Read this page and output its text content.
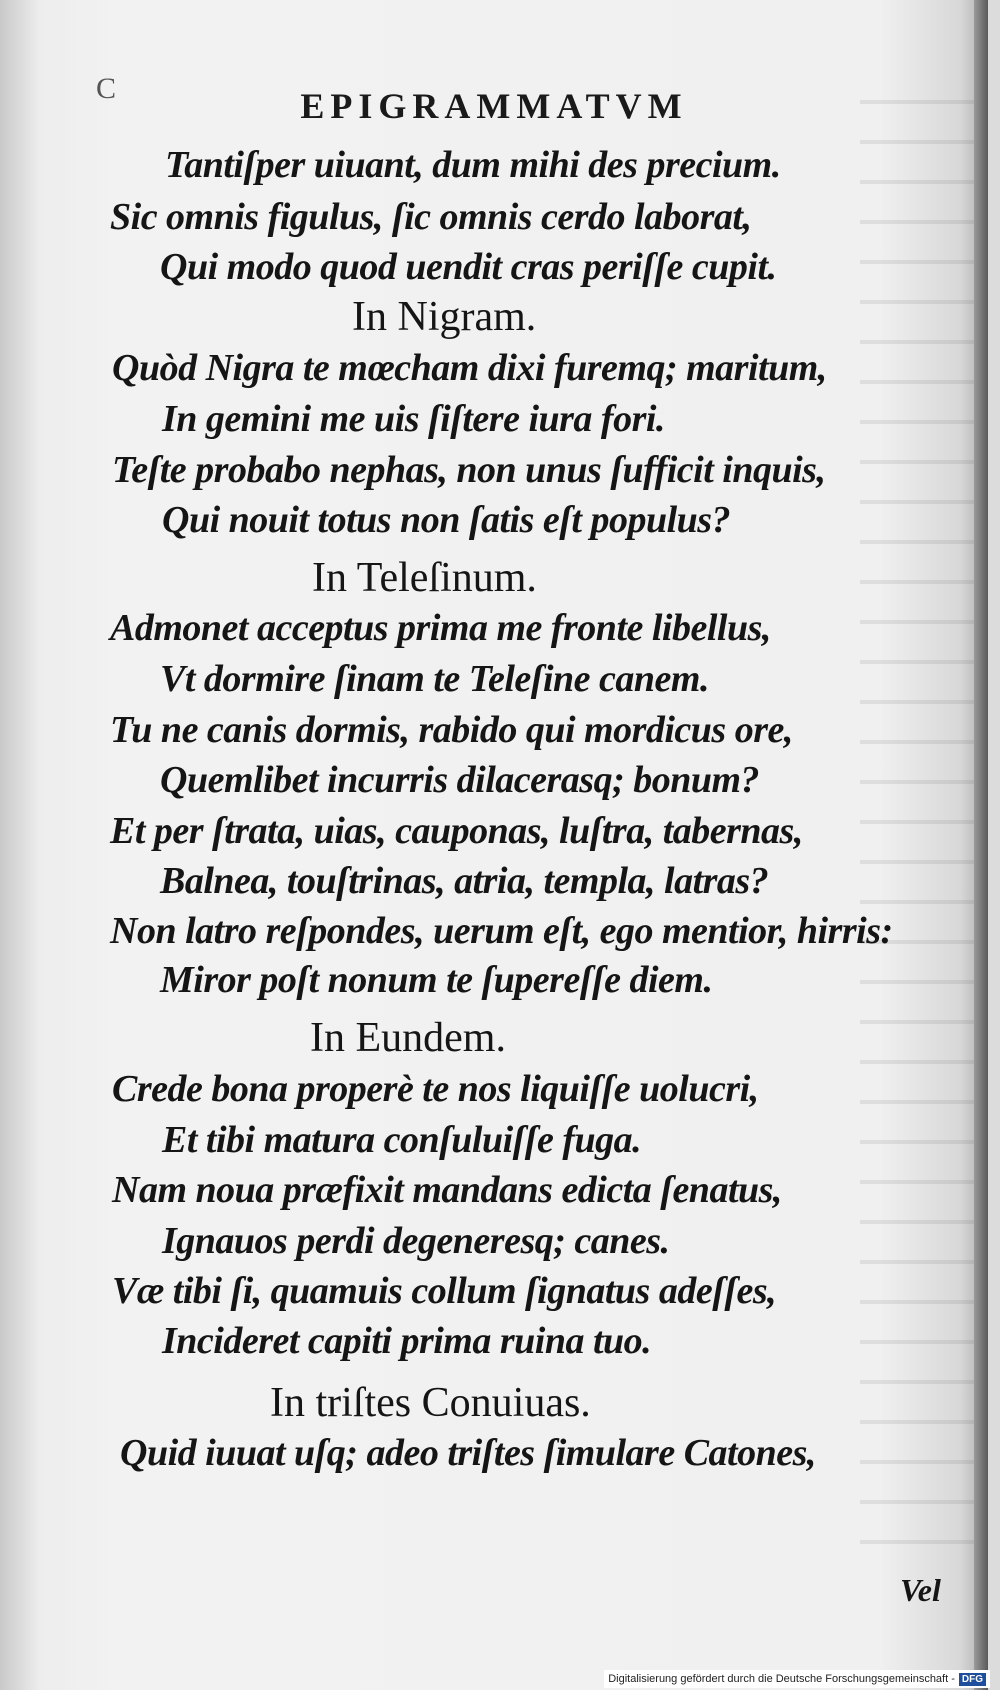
C	EPIGRAMMATVM
Tantiſper uiuant, dum mihi des precium.
Sic omnis figulus, ſic omnis cerdo laborat,
Qui modo quod uendit cras periſſe cupit.
In Nigram.
Quòd Nigra te mœcham dixi furemq; maritum,
In gemini me uis ſiſtere iura fori.
Teſte probabo nephas, non unus ſufficit inquis,
Qui nouit totus non ſatis eſt populus?
In Teleſinum.
Admonet acceptus prima me fronte libellus,
Vt dormire ſinam te Teleſine canem.
Tu ne canis dormis, rabido qui mordicus ore,
Quemlibet incurris dilacerasq; bonum?
Et per ſtrata, uias, cauponas, luſtra, tabernas,
Balnea, touſtrinas, atria, templa, latras?
Non latro reſpondes, uerum eſt, ego mentior, hirris:
Miror poſt nonum te ſupereſſe diem.
In Eundem.
Crede bona properè te nos liquiſſe uolucri,
Et tibi matura conſuluiſſe fuga.
Nam noua præfixit mandans edicta ſenatus,
Ignauos perdi degeneresq; canes.
Væ tibi ſi, quamuis collum ſignatus adeſſes,
Incideret capiti prima ruina tuo.
In triſtes Conuiuas.
Quid iuuat uſq; adeo triſtes ſimulare Catones,
Vel
Digitalisierung gefördert durch die Deutsche Forschungsgemeinschaft - DFG
